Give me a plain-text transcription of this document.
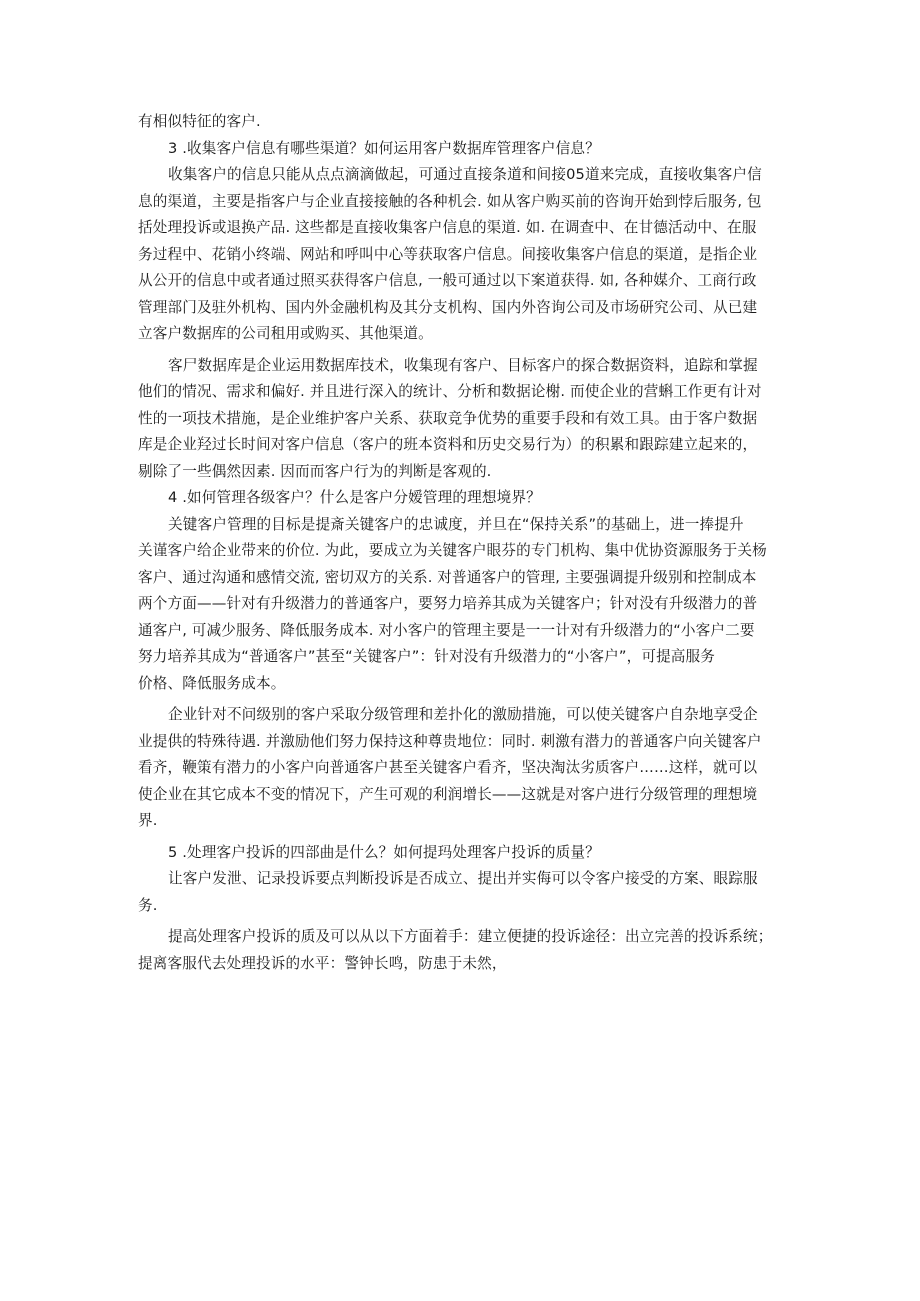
有相似特征的客户.
3 .收集客户信息有哪些渠道？如何运用客户数据库管理客户信息？
收集客户的信息只能从点点滴滴做起，可通过直接条道和间接05道来完成，直接收集客户信
息的渠道，主要是指客户与企业直接接触的各种机会. 如从客户购买前的咨询开始到悖后服务, 包
括处理投诉或退换产品. 这些都是直接收集客户信息的渠道. 如. 在调查中、在甘德活动中、在服
务过程中、花销小终端、网站和呼叫中心等获取客户信息。间接收集客户信息的渠道，是指企业
从公开的信息中或者通过照买获得客户信息, 一般可通过以下案道获得. 如, 各种媒介、工商行政
管理部门及驻外机构、国内外金融机构及其分支机构、国内外咨询公司及市场研究公司、从已建
立客户数据库的公司租用或购买、其他渠道。
客尸数据库是企业运用数据库技术，收集现有客户、目标客户的探合数据资料，追踪和掌握
他们的情况、需求和偏好. 并且进行深入的统计、分析和数据论榭. 而使企业的营蝌工作更有计对
性的一项技术措施，是企业维护客户关系、获取竞争优势的重要手段和有效工具。由于客户数据
库是企业羟过长时间对客户信息（客户的班本资料和历史交易行为）的积累和跟踪建立起来的，
剔除了一些偶然因素. 因而而客户行为的判断是客观的.
4 .如何管理各级客户？什么是客户分嫒管理的理想境界？
关键客户管理的目标是提斎关键客户的忠诚度，并旦在“保持关系”的基础上，进一捧提升
关谨客户给企业带来的价位. 为此，要成立为关键客户眼芬的专门机构、集中优协资源服务于关杨
客户、通过沟通和感情交流, 密切双方的关系. 对普通客户的管理, 主要强调提升级别和控制成本
两个方面——针对有升级潜力的普通客户，要努力培养其成为关键客户；针对没有升级潜力的普
通客户, 可减少服务、降低服务成本. 对小客户的管理主要是一一计对有升级潜力的“小客户二要
努力培养其成为“普通客户”甚至“关键客户”：针对没有升级潜力的“小客户”，可提高服务
价格、降低服务成本。
企业针对不问级别的客户采取分级管理和差扑化的激励措施，可以使关键客户自杂地享受企
业提供的特殊待遇. 并激励他们努力保持这种尊贵地位：同时. 刺激有潜力的普通客户向关键客户
看齐，鞭策有潜力的小客户向普通客户甚至关键客户看齐，坚决淘汰劣质客户……这样，就可以
使企业在其它成本不变的情况下，产生可观的利润增长——这就是对客户进行分级管理的理想境
界.
5 .处理客户投诉的四部曲是什么？如何提玛处理客户投诉的质量？
让客户发泄、记录投诉要点判断投诉是否成立、提出并实侮可以令客户接受的方案、眼踪服
务.
提高处理客户投诉的质及可以从以下方面着手：建立便捷的投诉途径：出立完善的投诉系统；
提离客服代去处理投诉的水平：警钟长鸣，防患于未然，
